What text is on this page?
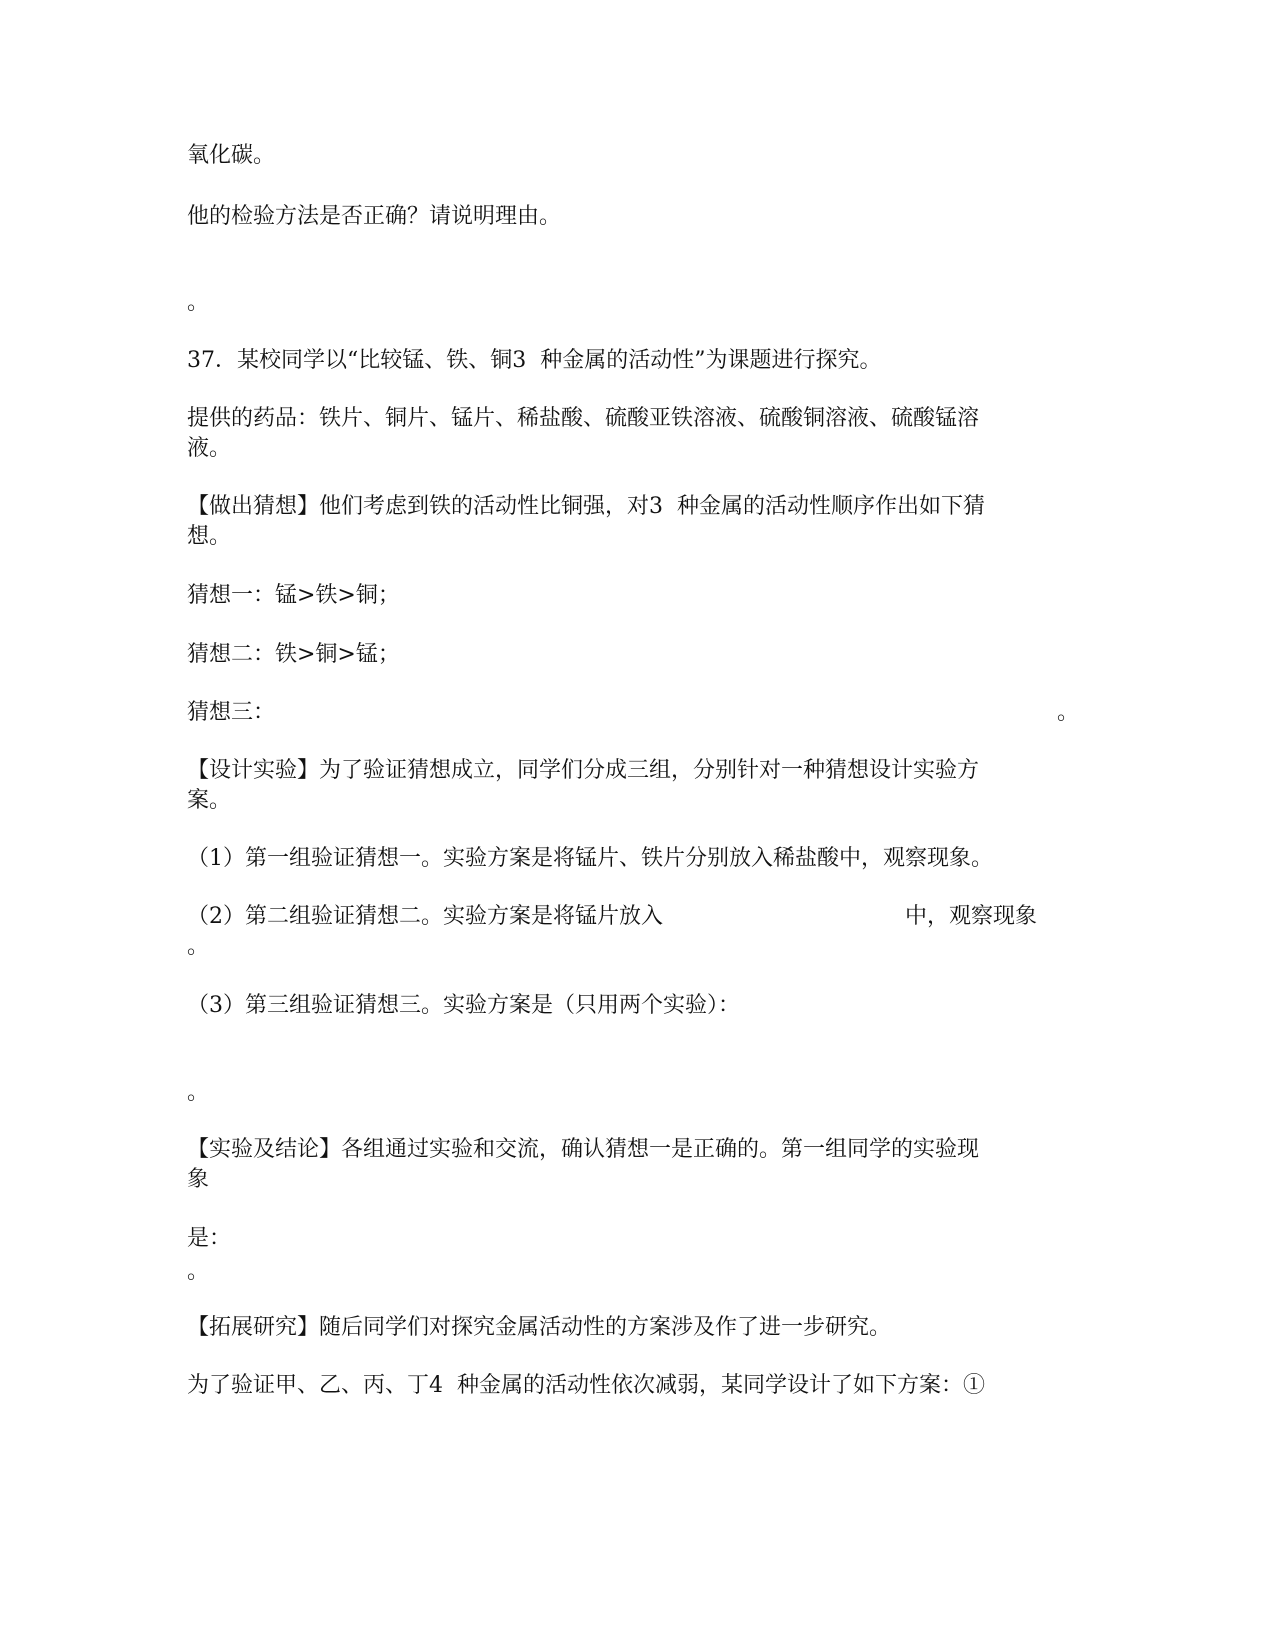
氧化碳。
他的检验方法是否正确？请说明理由。
。
37．某校同学以“比较锰、铁、铜3  种金属的活动性”为课题进行探究。
提供的药品：铁片、铜片、锰片、稀盐酸、硫酸亚铁溶液、硫酸铜溶液、硫酸锰溶
液。
【做出猜想】他们考虑到铁的活动性比铜强，对3  种金属的活动性顺序作出如下猜
想。
猜想一：锰>铁>铜；
猜想二：铁>铜>锰；
猜想三：	。
【设计实验】为了验证猜想成立，同学们分成三组，分别针对一种猜想设计实验方
案。
（1）第一组验证猜想一。实验方案是将锰片、铁片分别放入稀盐酸中，观察现象。
（2）第二组验证猜想二。实验方案是将锰片放入	中，观察现象
。
（3）第三组验证猜想三。实验方案是（只用两个实验）：
。
【实验及结论】各组通过实验和交流，确认猜想一是正确的。第一组同学的实验现
象
是：
。
【拓展研究】随后同学们对探究金属活动性的方案涉及作了进一步研究。
为了验证甲、乙、丙、丁4  种金属的活动性依次减弱，某同学设计了如下方案：①
